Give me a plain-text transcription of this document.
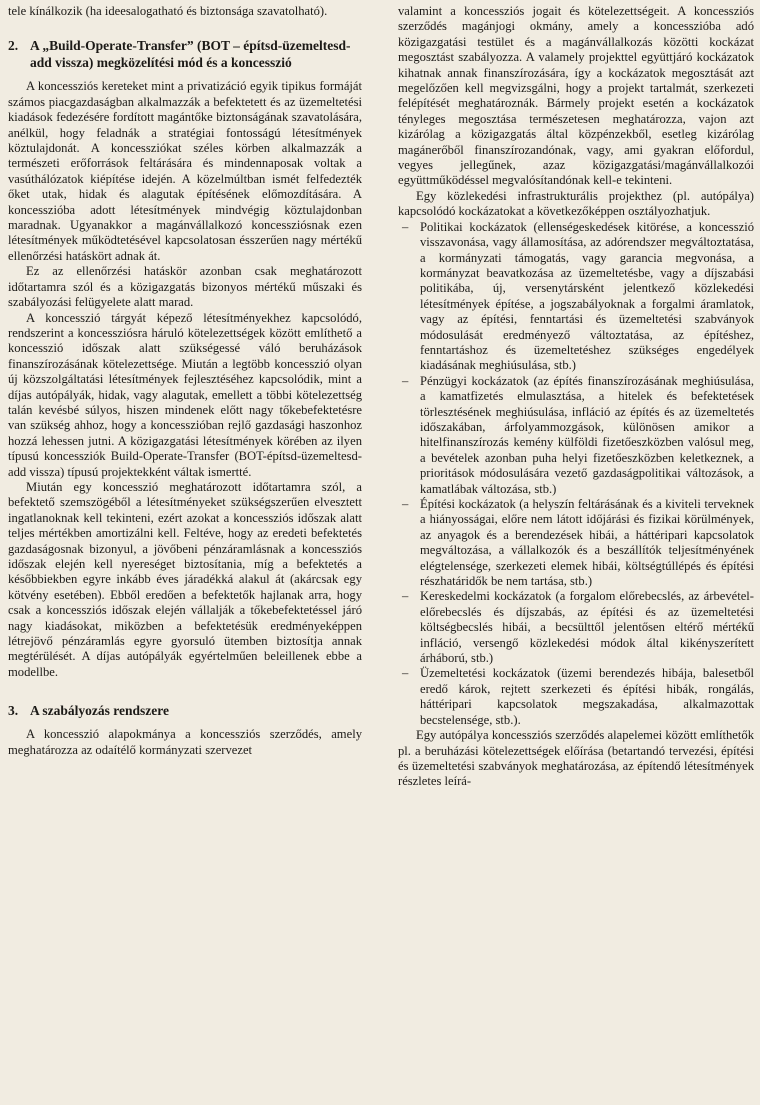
tele kínálkozik (ha ideesalogatható és biztonsága szavatolható).

2. A „Build-Operate-Transfer” (BOT – építsd-üzemeltesd-add vissza) megközelítési mód és a koncesszió

A koncessziós kereteket mint a privatizáció egyik tipikus formáját számos piacgazdaságban alkalmazzák a befektetett és az üzemeltetési kiadások fedezésére fordított magántőke biztonságának szavatolására, anélkül, hogy feladnák a stratégiai fontosságú létesítmények köztulajdonát. A koncessziókat széles körben alkalmazzák a természeti erőforrások feltárására és mindennaposak voltak a vasúthálózatok kiépítése idején. A közelmúltban ismét felfedezték őket utak, hidak és alagutak építésének előmozdítására. A koncesszióba adott létesítmények mindvégig köztulajdonban maradnak. Ugyanakkor a magánvállalkozó koncessziósnak ezen létesítmények működtetésével kapcsolatosan ésszerűen nagy mértékű ellenőrzési hatáskört adnak át.

Ez az ellenőrzési hatáskör azonban csak meghatározott időtartamra szól és a közigazgatás bizonyos mértékű műszaki és szabályozási felügyelete alatt marad.

A koncesszió tárgyát képező létesítményekhez kapcsolódó, rendszerint a koncessziósra háruló kötelezettségek között említhető a koncesszió időszak alatt szükségessé váló beruházások finanszírozásának kötelezettsége. Miután a legtöbb koncesszió olyan új közszolgáltatási létesítmények fejlesztéséhez kapcsolódik, mint a díjas autópályák, hidak, vagy alagutak, emellett a többi kötelezettség talán kevésbé súlyos, hiszen mindenek előtt nagy tőkebefektetésre van szükség ahhoz, hogy a koncesszióban rejlő gazdasági haszonhoz hozzá lehessen jutni. A közigazgatási létesítmények körében az ilyen típusú koncessziók Build-Operate-Transfer (BOT-építsd-üzemeltesd-add vissza) típusú projektekként váltak ismertté.

Miután egy koncesszió meghatározott időtartamra szól, a befektető szemszögéből a létesítményeket szükségszerűen elvesztett ingatlanoknak kell tekinteni, ezért azokat a koncessziós időszak alatt teljes mértékben amortizálni kell. Feltéve, hogy az eredeti befektetés gazdaságosnak bizonyul, a jövőbeni pénzáramlásnak a koncessziós időszak elején kell nyereséget biztosítania, míg a befektetés a későbbiekben egyre inkább éves járadékká alakul át (akárcsak egy kötvény esetében). Ebből eredően a befektetők hajlanak arra, hogy csak a koncessziós időszak elején vállalják a tőkebefektetéssel járó nagy kiadásokat, miközben a befektetésük eredményeképpen létrejövő pénzáramlás egyre gyorsuló ütemben biztosítja annak megtérülését. A díjas autópályák egyértelműen beleillenek ebbe a modellbe.

3. A szabályozás rendszere

A koncesszió alapokmánya a koncessziós szerződés, amely meghatározza az odaítélő kormányzati szervezet

valamint a koncessziós jogait és kötelezettségeit. A koncessziós szerződés magánjogi okmány, amely a koncesszióba adó közigazgatási testület és a magánvállalkozás közötti kockázat megosztást szabályozza. A valamely projekttel együttjáró kockázatok kihatnak annak finanszírozására, így a kockázatok megosztását azt megelőzően kell megvizsgálni, hogy a projekt tartalmát, szerkezeti felépítését meghatároznák. Bármely projekt esetén a kockázatok tényleges megosztása természetesen meghatározza, vajon azt kizárólag a közigazgatás által közpénzekből, esetleg kizárólag magánerőből finanszírozandónak, vagy, ami gyakran előfordul, vegyes jellegűnek, azaz közigazgatási/magánvállalkozói együttműködéssel megvalósítandónak kell-e tekinteni.

Egy közlekedési infrastrukturális projekthez (pl. autópálya) kapcsolódó kockázatokat a következőképpen osztályozhatjuk.

– Politikai kockázatok (ellenségeskedések kitörése, a koncesszió visszavonása, vagy államosítása, az adórendszer megváltoztatása, a kormányzati támogatás, vagy garancia megvonása, a kormányzat beavatkozása az üzemeltetésbe, vagy a díjszabási politikába, új, versenytársként jelentkező közlekedési létesítmények építése, a jogszabályoknak a forgalmi áramlatok, vagy az építési, fenntartási és üzemeltetési szabványok módosulását eredményező változtatása, az építéshez, fenntartáshoz és üzemeltetéshez szükséges engedélyek kiadásának meghiúsulása, stb.)
– Pénzügyi kockázatok (az építés finanszírozásának meghiúsulása, a kamatfizetés elmulasztása, a hitelek és befektetések törlesztésének meghiúsulása, infláció az építés és az üzemeltetés időszakában, árfolyammozgások, különösen amikor a hitelfinanszírozás kemény külföldi fizetőeszközben valósul meg, a bevételek azonban puha helyi fizetőeszközben keletkeznek, a prioritások módosulására vezető gazdaságpolitikai változások, a kamatlábak változása, stb.)
– Építési kockázatok (a helyszín feltárásának és a kiviteli terveknek a hiányosságai, előre nem látott időjárási és fizikai körülmények, az anyagok és a berendezések hibái, a háttéripari kapcsolatok megváltozása, a vállalkozók és a beszállítók teljesítményének elégtelensége, szerkezeti elemek hibái, költségtúllépés és építési részhatáridők be nem tartása, stb.)
– Kereskedelmi kockázatok (a forgalom előrebecslés, az árbevétel-előrebecslés és díjszabás, az építési és az üzemeltetési költségbecslés hibái, a becsülttől jelentősen eltérő mértékű infláció, versengő közlekedési módok által kikényszerített árháború, stb.)
– Üzemeltetési kockázatok (üzemi berendezés hibája, balesetből eredő károk, rejtett szerkezeti és építési hibák, rongálás, háttéripari kapcsolatok megszakadása, alkalmazottak becstelensége, stb.).

Egy autópálya koncessziós szerződés alapelemei között említhetők pl. a beruházási kötelezettségek előírása (betartandó tervezési, építési és üzemeltetési szabványok meghatározása, az építendő létesítmények részletes leírá-
